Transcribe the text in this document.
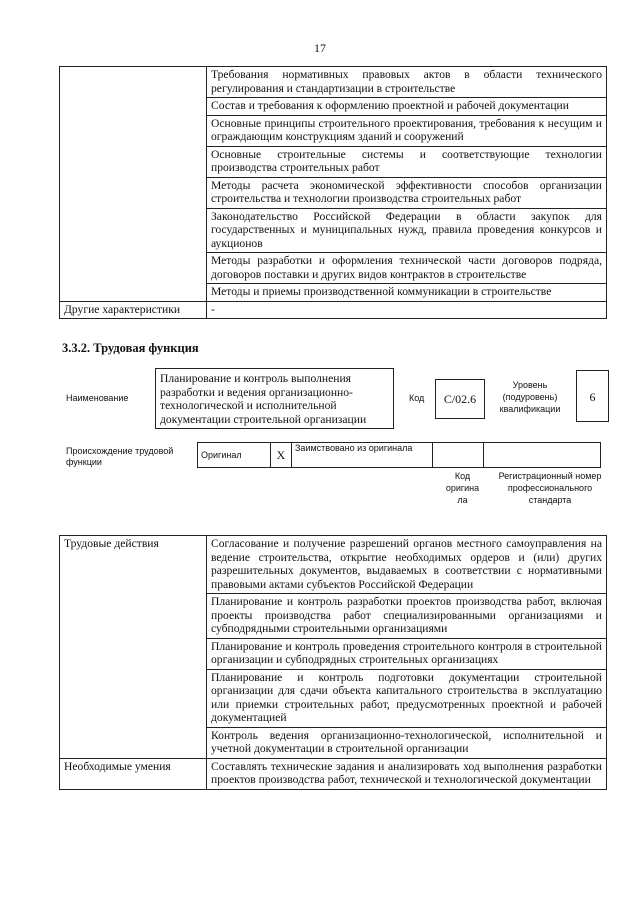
17
	Требования нормативных правовых актов в области технического регулирования и стандартизации в строительстве
	Состав и требования к оформлению проектной и рабочей документации
	Основные принципы строительного проектирования, требования к несущим и ограждающим конструкциям зданий и сооружений
	Основные строительные системы и соответствующие технологии производства строительных работ
	Методы расчета экономической эффективности способов организации строительства и технологии производства строительных работ
	Законодательство Российской Федерации в области закупок для государственных и муниципальных нужд, правила проведения конкурсов и аукционов
	Методы разработки и оформления технической части договоров подряда, договоров поставки и других видов контрактов в строительстве
	Методы и приемы производственной коммуникации в строительстве
Другие характеристики	-
3.3.2. Трудовая функция
Наименование
Планирование и контроль выполнения разработки и ведения организационно-технологической и исполнительной документации строительной организации
Код	С/02.6
Уровень (подуровень) квалификации
6
Происхождение трудовой функции
Оригинал	X	Заимствовано из оригинала		
Код оригина ла
Регистрационный номер профессионального стандарта
Трудовые действия	Согласование и получение разрешений органов местного самоуправления на ведение строительства, открытие необходимых ордеров и (или) других разрешительных документов, выдаваемых в соответствии с нормативными правовыми актами субъектов Российской Федерации
	Планирование и контроль разработки проектов производства работ, включая проекты производства работ специализированными организациями и субподрядными строительными организациями
	Планирование и контроль проведения строительного контроля в строительной организации и субподрядных строительных организациях
	Планирование и контроль подготовки документации строительной организации для сдачи объекта капитального строительства в эксплуатацию или приемки строительных работ, предусмотренных проектной и рабочей документацией
	Контроль ведения организационно-технологической, исполнительной и учетной документации в строительной организации
Необходимые умения	Составлять технические задания и анализировать ход выполнения разработки проектов производства работ, технической и технологической документации
